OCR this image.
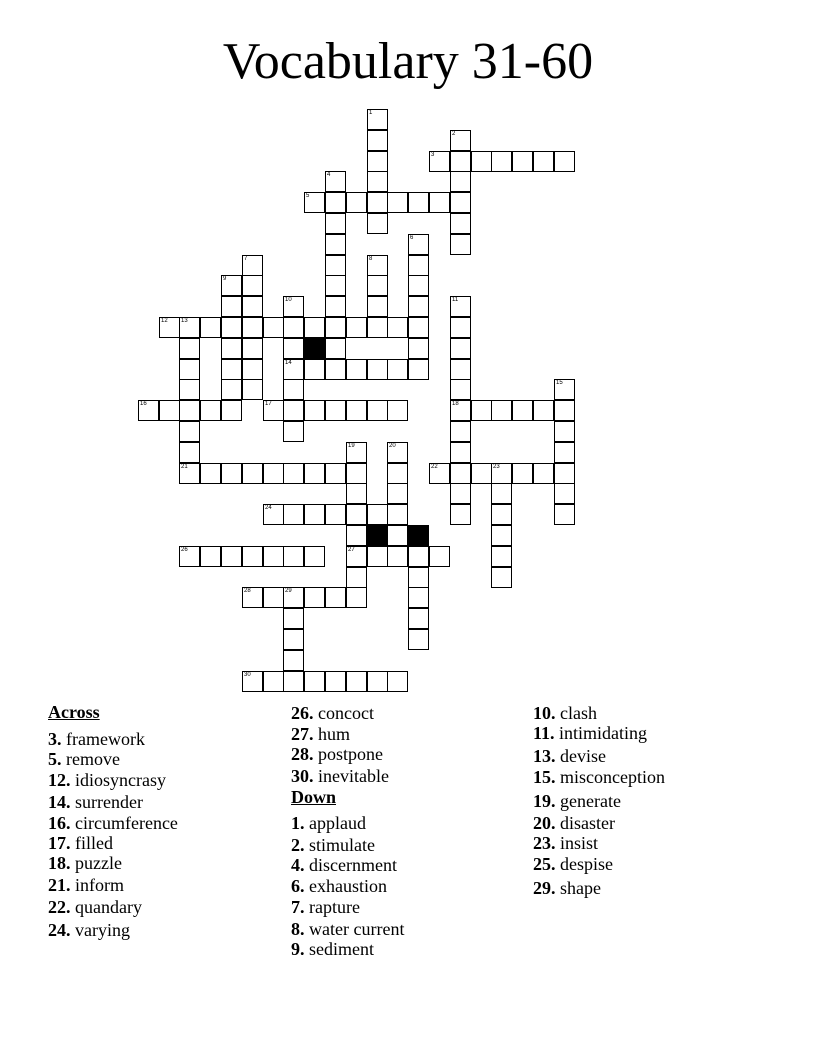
Vocabulary 31-60
1
2
3
4
5
6
7	8
9
10
14
11
18
12 13
21
15
16	17
19
27
20
22	23
24
25
26
28	29
30
Across
3. framework
5. remove
12. idiosyncrasy
14. surrender
16. circumference
17. filled
18. puzzle
21. inform
22. quandary
24. varying
26. concoct
27. hum
28. postpone
30. inevitable
Down
1. applaud
2. stimulate
4. discernment
6. exhaustion
7. rapture
8. water current
9. sediment
10. clash
11. intimidating
13. devise
15. misconception
19. generate
20. disaster
23. insist
25. despise
29. shape
